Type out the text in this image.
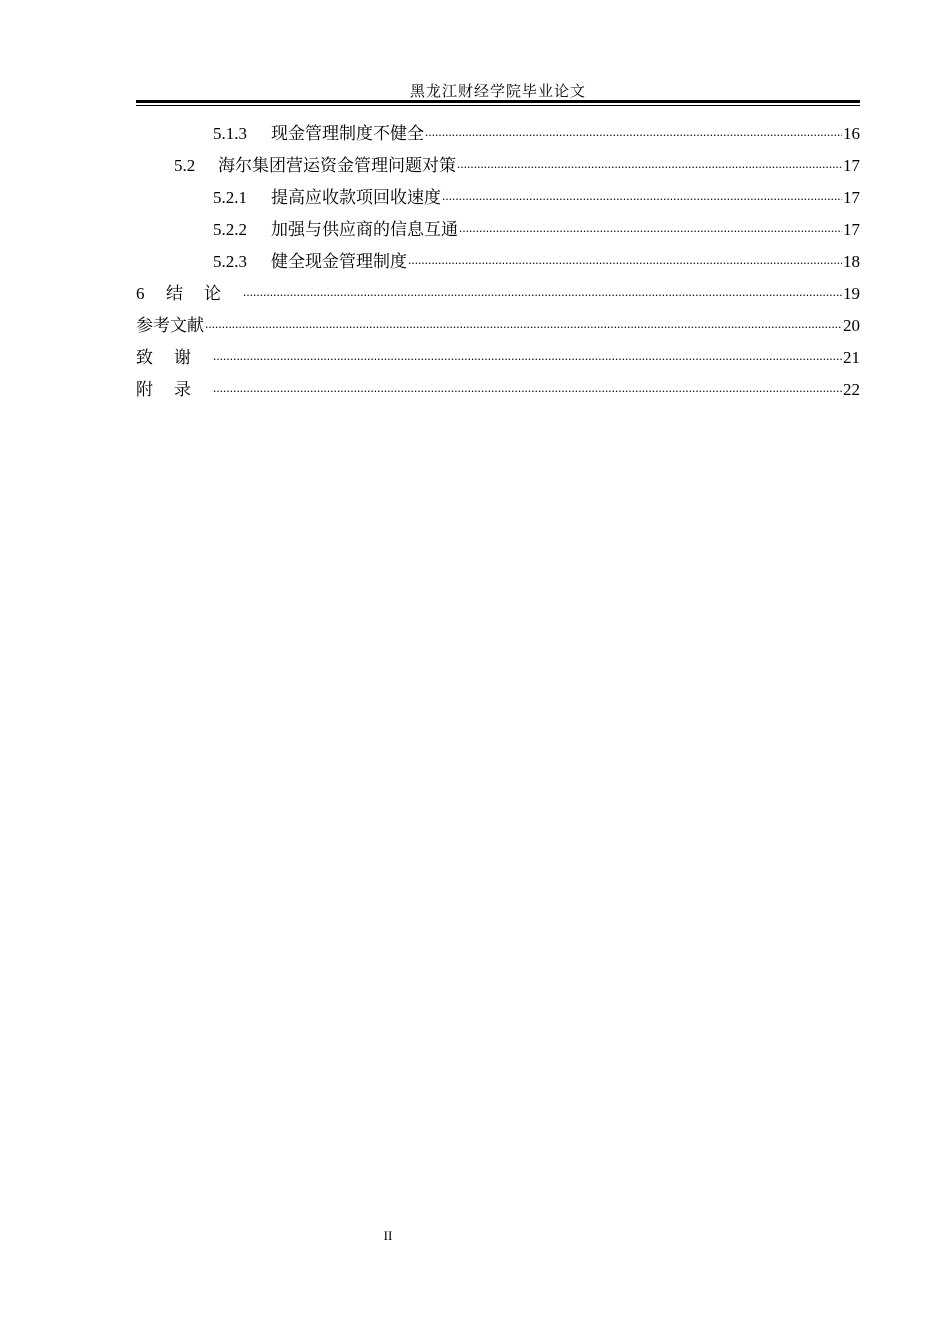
黑龙江财经学院毕业论文
5.1.3	现金管理制度不健全 .....	16
5.2	海尔集团营运资金管理问题对策 .....	17
5.2.1	提高应收款项回收速度 .....	17
5.2.2	加强与供应商的信息互通 .....	17
5.2.3	健全现金管理制度 .....	18
6	结论 .....	19
参考文献 .....	20
致谢 .....	21
附录 .....	22
II
